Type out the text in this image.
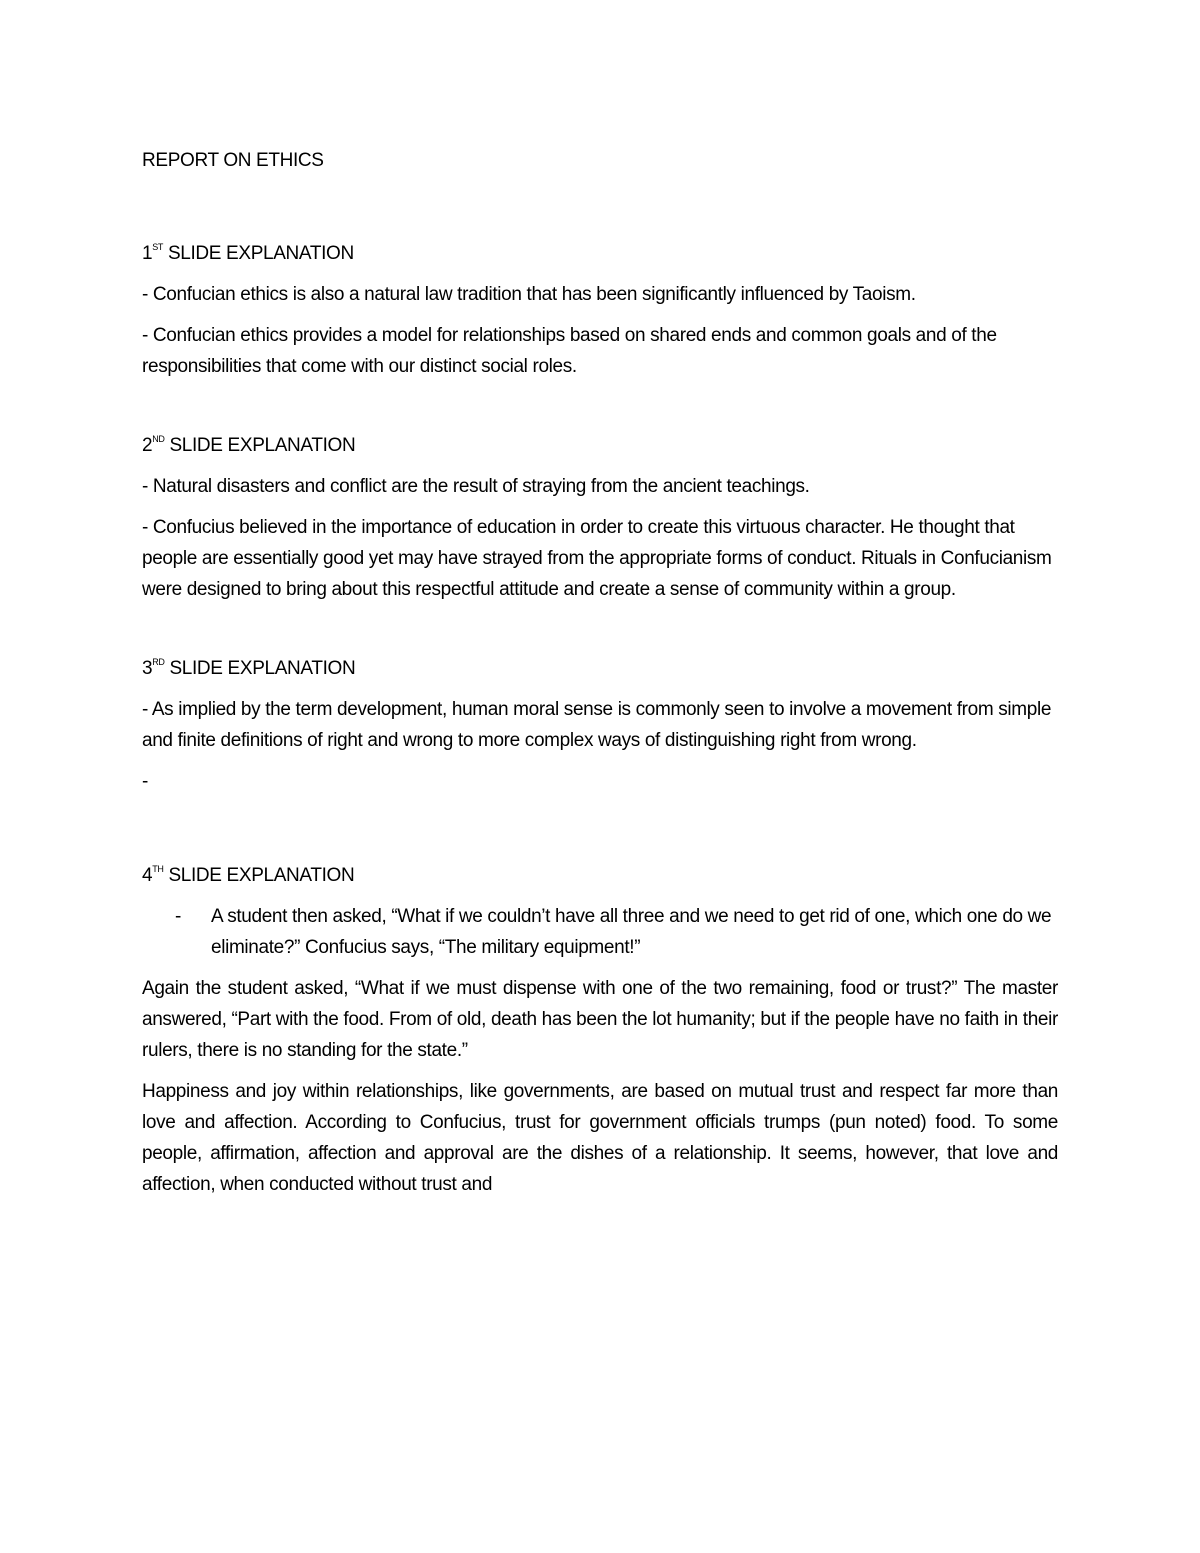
REPORT ON ETHICS
1ST SLIDE EXPLANATION

- Confucian ethics is also a natural law tradition that has been significantly influenced by Taoism.

- Confucian ethics provides a model for relationships based on shared ends and common goals and of the responsibilities that come with our distinct social roles.

2ND SLIDE EXPLANATION

- Natural disasters and conflict are the result of straying from the ancient teachings.

- Confucius believed in the importance of education in order to create this virtuous character. He thought that people are essentially good yet may have strayed from the appropriate forms of conduct. Rituals in Confucianism were designed to bring about this respectful attitude and create a sense of community within a group.

3RD SLIDE EXPLANATION

- As implied by the term development, human moral sense is commonly seen to involve a movement from simple and finite definitions of right and wrong to more complex ways of distinguishing right from wrong.

-

4TH SLIDE EXPLANATION
- A student then asked, “What if we couldn’t have all three and we need to get rid of one, which one do we eliminate?” Confucius says, “The military equipment!”

Again the student asked, “What if we must dispense with one of the two remaining, food or trust?” The master answered, “Part with the food. From of old, death has been the lot humanity; but if the people have no faith in their rulers, there is no standing for the state.”

Happiness and joy within relationships, like governments, are based on mutual trust and respect far more than love and affection. According to Confucius, trust for government officials trumps (pun noted) food. To some people, affirmation, affection and approval are the dishes of a relationship. It seems, however, that love and affection, when conducted without trust and
